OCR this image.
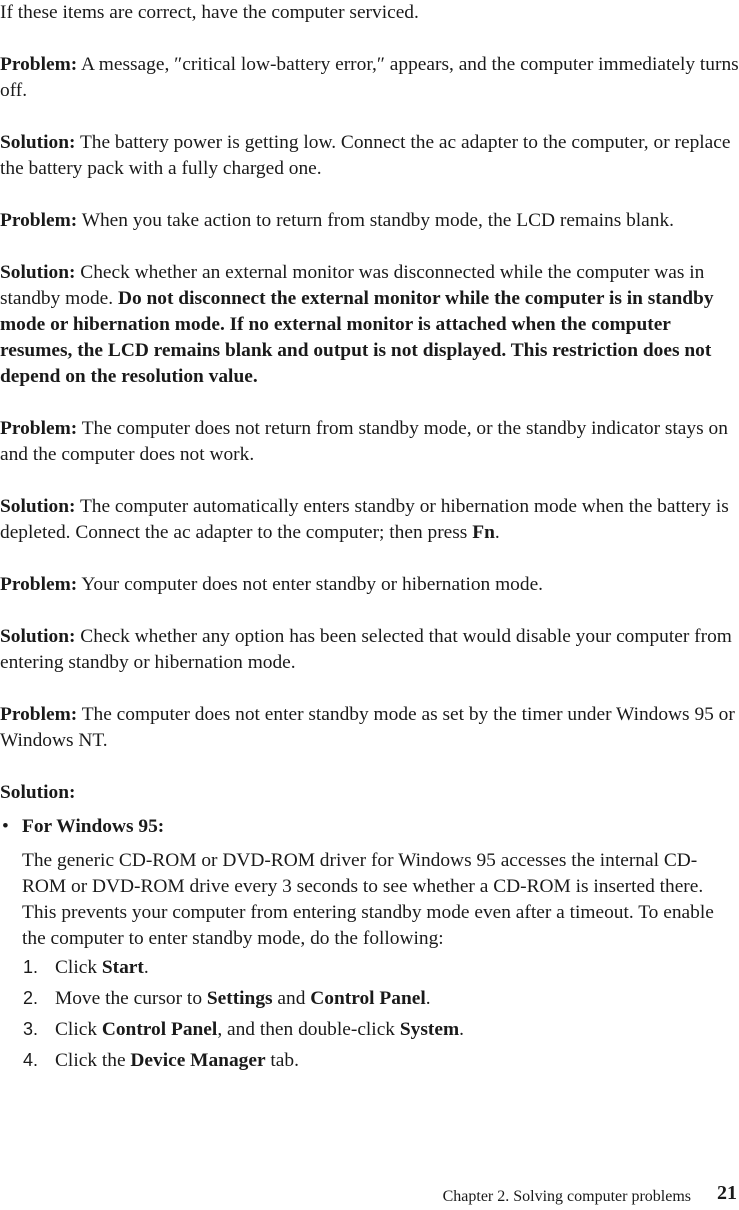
If these items are correct, have the computer serviced.

Problem: A message, ″critical low-battery error,″ appears, and the computer immediately turns off.

Solution: The battery power is getting low. Connect the ac adapter to the computer, or replace the battery pack with a fully charged one.

Problem: When you take action to return from standby mode, the LCD remains blank.

Solution: Check whether an external monitor was disconnected while the computer was in standby mode. Do not disconnect the external monitor while the computer is in standby mode or hibernation mode. If no external monitor is attached when the computer resumes, the LCD remains blank and output is not displayed. This restriction does not depend on the resolution value.

Problem: The computer does not return from standby mode, or the standby indicator stays on and the computer does not work.

Solution: The computer automatically enters standby or hibernation mode when the battery is depleted. Connect the ac adapter to the computer; then press Fn.

Problem: Your computer does not enter standby or hibernation mode.

Solution: Check whether any option has been selected that would disable your computer from entering standby or hibernation mode.

Problem: The computer does not enter standby mode as set by the timer under Windows 95 or Windows NT.

Solution:

• For Windows 95:

The generic CD-ROM or DVD-ROM driver for Windows 95 accesses the internal CD-ROM or DVD-ROM drive every 3 seconds to see whether a CD-ROM is inserted there. This prevents your computer from entering standby mode even after a timeout. To enable the computer to enter standby mode, do the following:

1. Click Start.
2. Move the cursor to Settings and Control Panel.
3. Click Control Panel, and then double-click System.
4. Click the Device Manager tab.
Chapter 2. Solving computer problems 21
